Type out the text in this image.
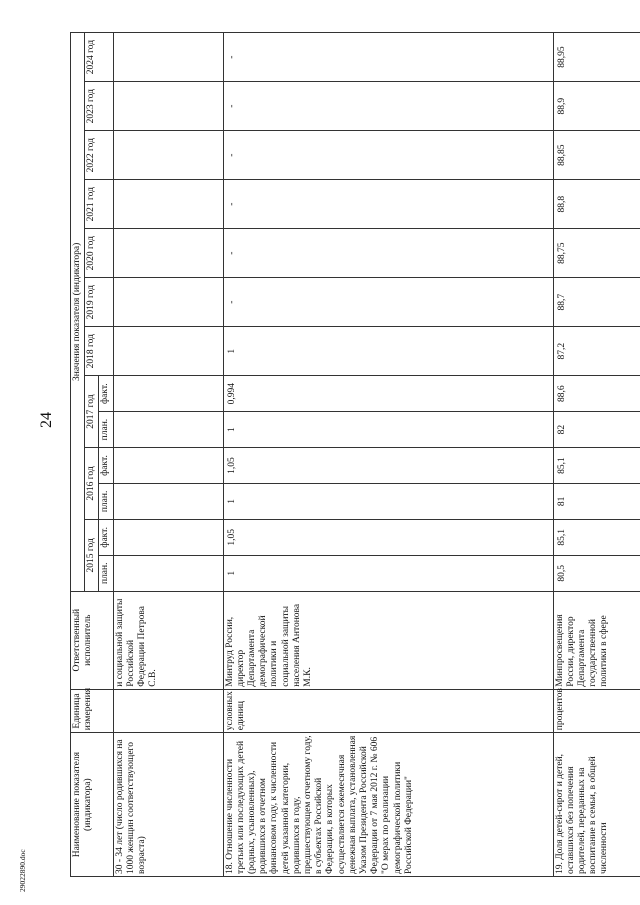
24
29022890.doc
Наименование показателя (индикатора)	Единица измерения	Ответственный исполнитель	Значения показателя (индикатора)												
			2015 год		2016 год		2017 год		2018 год	2019 год	2020 год	2021 год	2022 год	2023 год	2024 год
			план.	факт.	план.	факт.	план.	факт.							
30 - 34 лет (число родившихся на 1000 женщин соответствующего возраста)		и социальной защиты Российской Федерации Петрова С.В.													
18. Отношение численности третьих или последующих детей (родных, усыновленных), родившихся в отчетном финансовом году, к численности детей указанной категории, родившихся в году, предшествующем отчетному году, в субъектах Российской Федерации, в которых осуществляется ежемесячная денежная выплата, установленная Указом Президента Российской Федерации от 7 мая 2012 г. № 606 "О мерах по реализации демографической политики Российской Федерации"	условных единиц	Минтруд России, директор Департамента демографической политики и социальной защиты населения Антонова М.К.	1	1,05	1	1,05	1	0,994	1	-	-	-	-	-	-
19. Доля детей-сирот и детей, оставшихся без попечения родителей, переданных на воспитание в семьи, в общей численности	процентов	Минпросвещения России, директор Департамента государственной политики в сфере	80,5	85,1	81	85,1	82	88,6	87,2	88,7	88,75	88,8	88,85	88,9	88,95
